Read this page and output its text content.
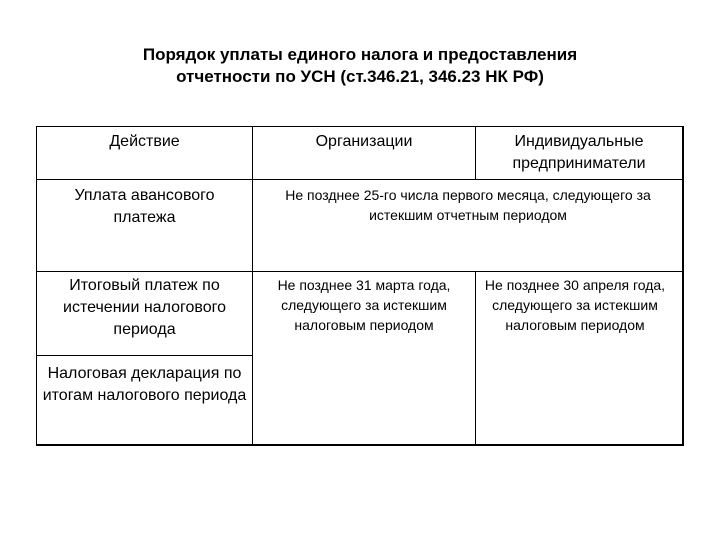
Порядок уплаты единого налога и предоставления
отчетности по УСН (ст.346.21, 346.23 НК РФ)
Действие	Организации	Индивидуальные предприниматели
Уплата авансового платежа
Не позднее 25-го числа первого месяца, следующего за истекшим отчетным периодом
Итоговый платеж по истечении налогового периода
Не позднее 31 марта года, следующего за истекшим налоговым периодом
Не позднее 30 апреля года, следующего за истекшим налоговым периодом
Налоговая декларация по итогам налогового периода
